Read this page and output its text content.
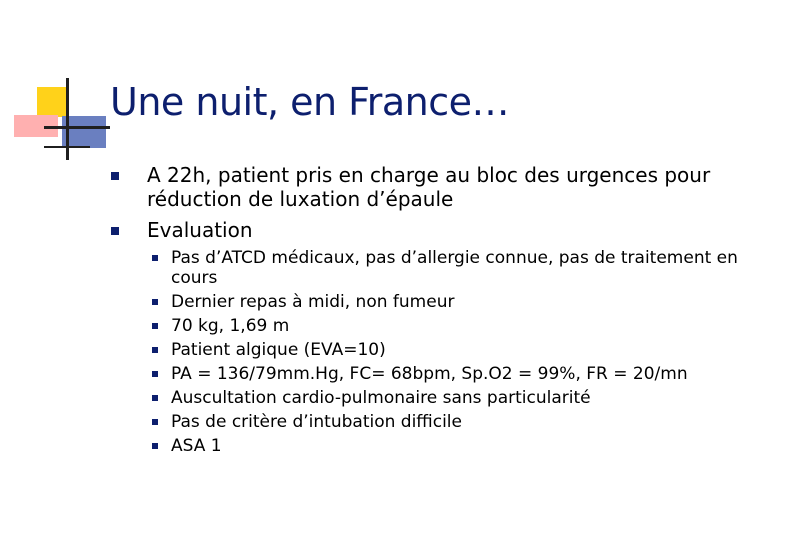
Une nuit, en France…
A 22h, patient pris en charge au bloc des urgences pour réduction de luxation d’épaule
Evaluation
Pas d’ATCD médicaux, pas d’allergie connue, pas de traitement en cours
Dernier repas à midi, non fumeur
70 kg, 1,69 m
Patient algique (EVA=10)
PA = 136/79mm.Hg, FC= 68bpm, Sp.O2 = 99%, FR = 20/mn
Auscultation cardio-pulmonaire sans particularité
Pas de critère d’intubation difficile
ASA 1
